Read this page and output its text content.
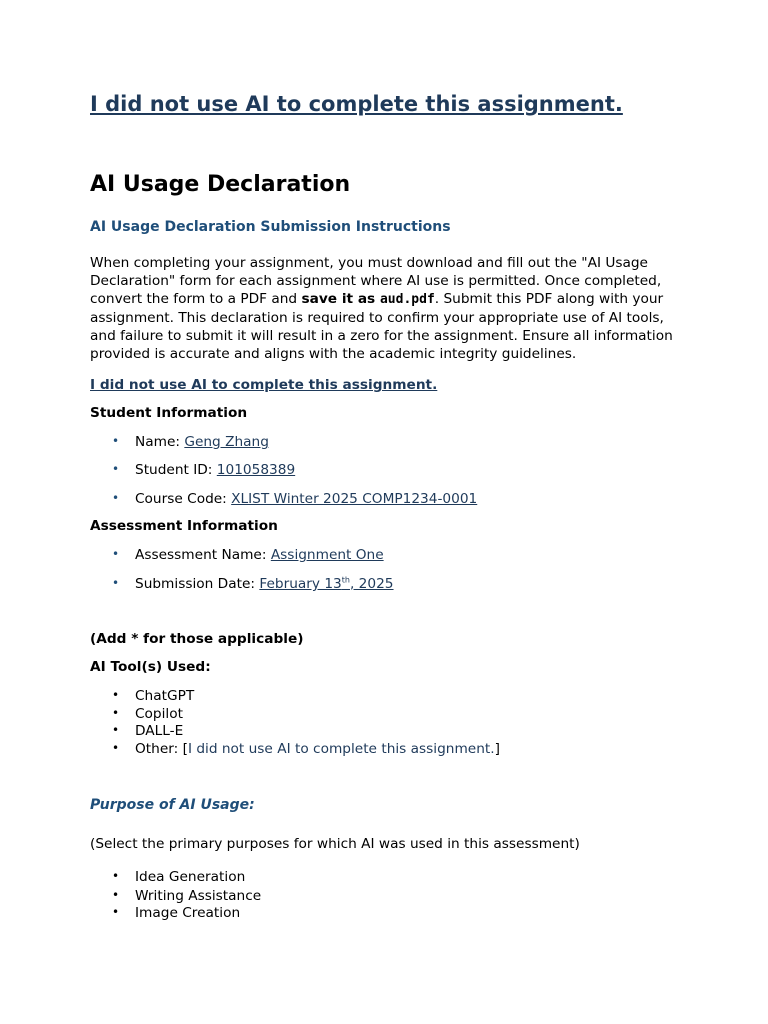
I did not use AI to complete this assignment.
AI Usage Declaration
AI Usage Declaration Submission Instructions
When completing your assignment, you must download and fill out the "AI Usage Declaration" form for each assignment where AI use is permitted. Once completed, convert the form to a PDF and save it as aud.pdf. Submit this PDF along with your assignment. This declaration is required to confirm your appropriate use of AI tools, and failure to submit it will result in a zero for the assignment. Ensure all information provided is accurate and aligns with the academic integrity guidelines.
I did not use AI to complete this assignment.
Student Information
• Name: Geng Zhang
• Student ID: 101058389
• Course Code: XLIST Winter 2025 COMP1234-0001
Assessment Information
• Assessment Name: Assignment One
• Submission Date: February 13th, 2025
(Add * for those applicable)
AI Tool(s) Used:
• ChatGPT
• Copilot
• DALL-E
• Other: [I did not use AI to complete this assignment.]
Purpose of AI Usage:
(Select the primary purposes for which AI was used in this assessment)
• Idea Generation
• Writing Assistance
• Image Creation
